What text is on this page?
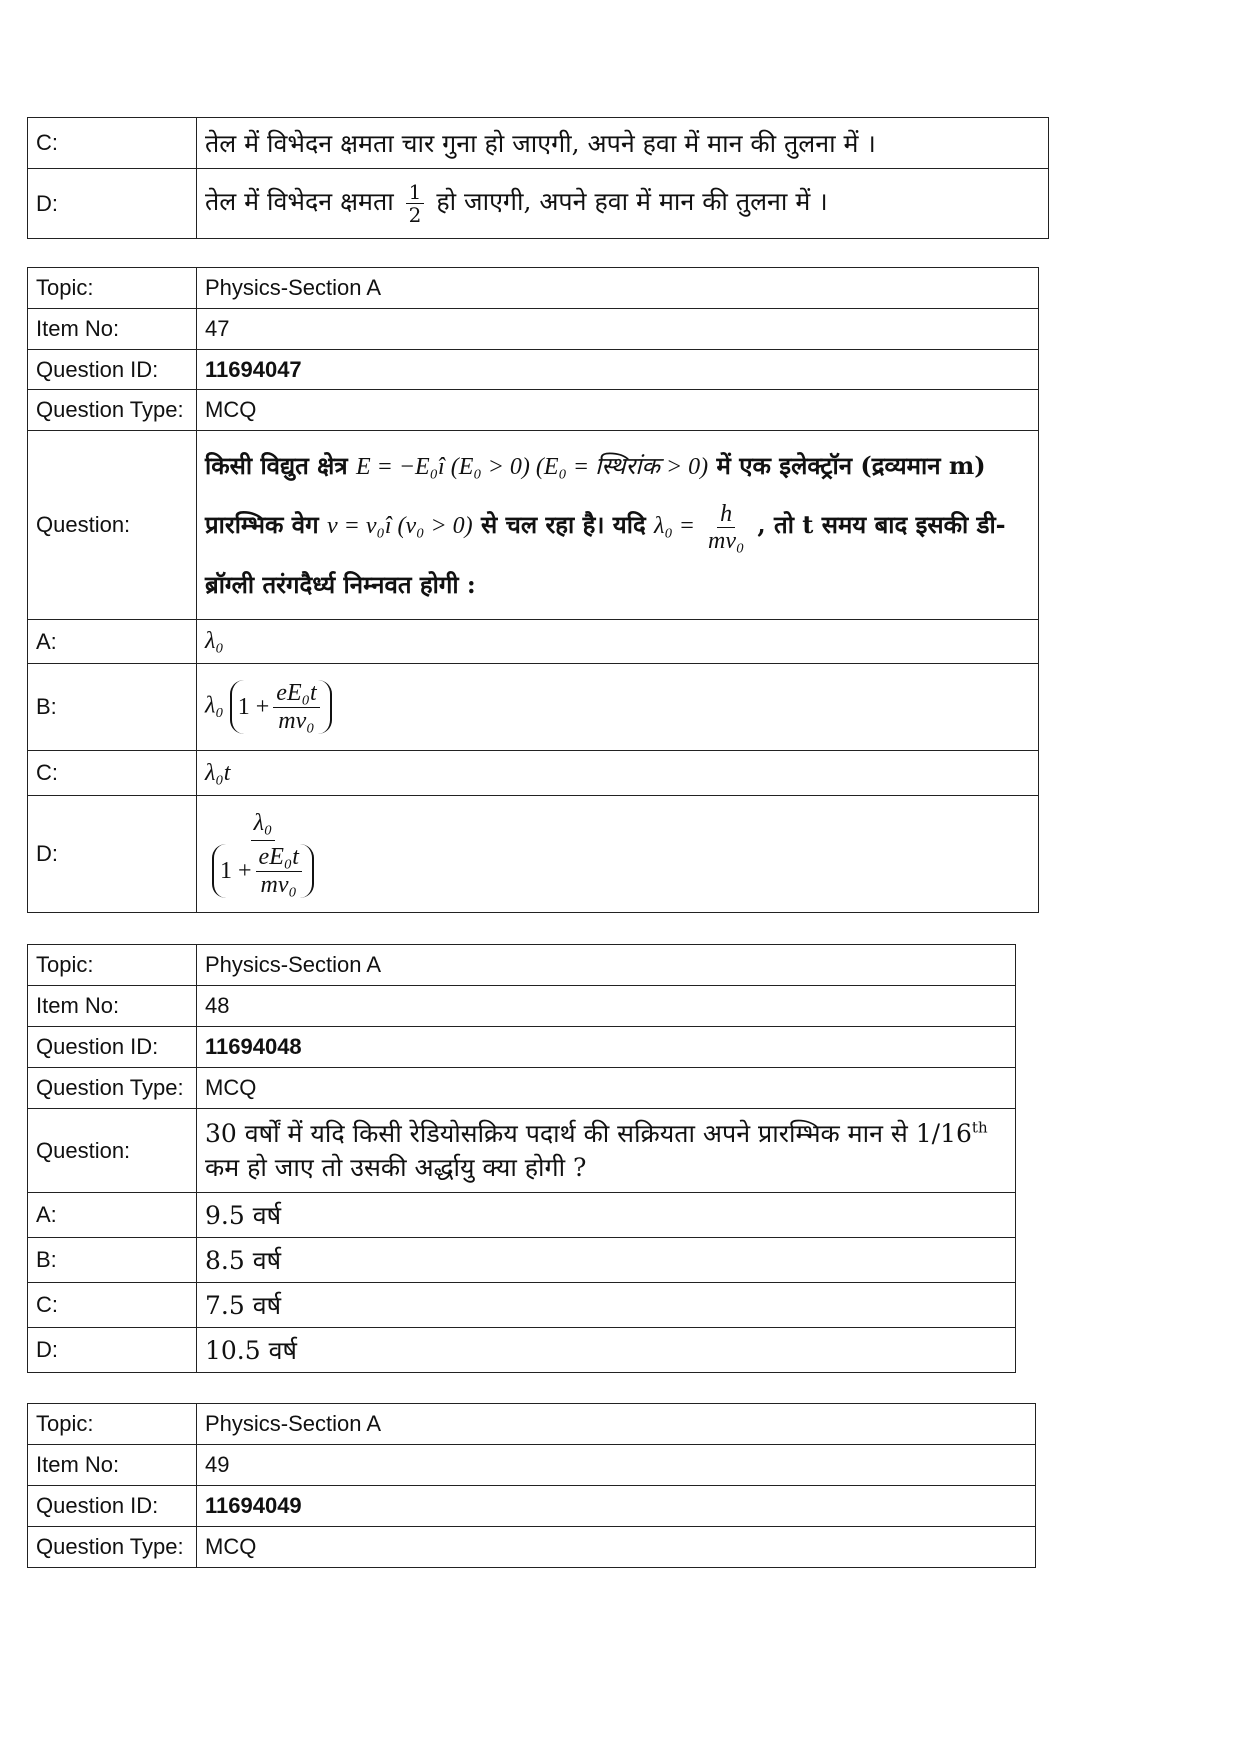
C:	तेल में विभेदन क्षमता चार गुना हो जाएगी, अपने हवा में मान की तुलना में ।
D:	तेल में विभेदन क्षमता $\frac{1}{2}$ हो जाएगी, अपने हवा में मान की तुलना में ।
Topic:	Physics-Section A
Item No:	47
Question ID:	11694047
Question Type:	MCQ
Question:	किसी विद्युत क्षेत्र E = −E₀î (E₀ > 0) (E₀ = स्थिरांक > 0) में एक इलेक्ट्रॉन (द्रव्यमान m) प्रारम्भिक वेग v = v₀î (v₀ > 0) से चल रहा है। यदि $\lambda_0 = \frac{h}{\text{mv₀}}$ , तो t समय बाद इसकी डी-ब्रॉग्ली तरंगदैर्ध्य निम्नवत होगी :
A:	λ₀
B:	λ₀ $1 + \frac{\text{eE₀t}}{\text{mv₀}}$

C:	λ₀t
D:	$\frac{\text{λ₀}}{1 + \frac{\text{eE₀t}}{\text{mv₀}}}$
Topic:	Physics-Section A
Item No:	48
Question ID:	11694048
Question Type:	MCQ
Question:	30 वर्षों में यदि किसी रेडियोसक्रिय पदार्थ की सक्रियता अपने प्रारम्भिक मान से 1/16th
कम हो जाए तो उसकी अर्द्धायु क्या होगी ?
A:	9.5 वर्ष
B:	8.5 वर्ष
C:	7.5 वर्ष
D:	10.5 वर्ष
Topic:	Physics-Section A
Item No:	49
Question ID:	11694049
Question Type:	MCQ
